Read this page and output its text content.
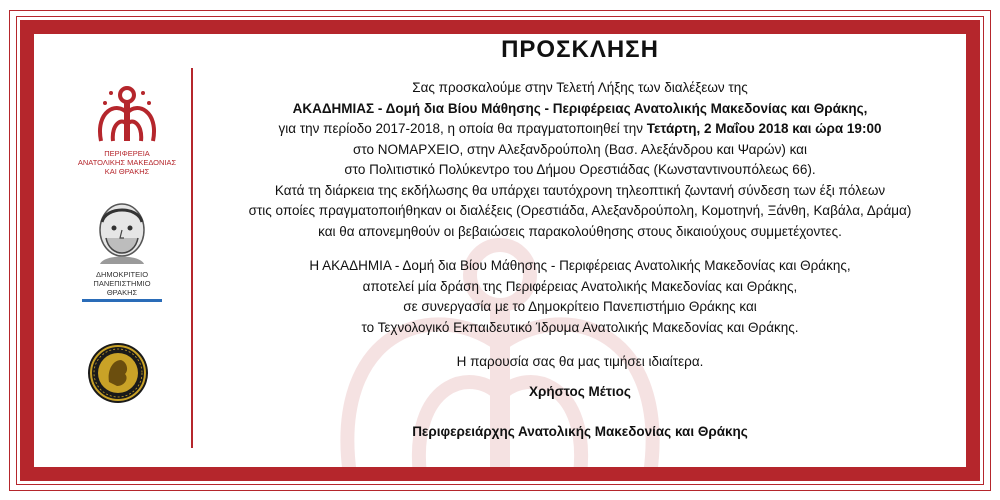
ΠΕΡΙΦΕΡΕΙΑ
ΑΝΑΤΟΛΙΚΗΣ ΜΑΚΕΔΟΝΙΑΣ ΚΑΙ ΘΡΑΚΗΣ
ΔΗΜΟΚΡΙΤΕΙΟ
ΠΑΝΕΠΙΣΤΗΜΙΟ
ΘΡΑΚΗΣ
ΠΡΟΣΚΛΗΣΗ

Σας προσκαλούμε στην Τελετή Λήξης των διαλέξεων της

ΑΚΑΔΗΜΙΑΣ - Δομή δια Βίου Μάθησης - Περιφέρειας Ανατολικής Μακεδονίας και Θράκης,

για την περίοδο 2017-2018, η οποία θα πραγματοποιηθεί την Τετάρτη, 2 Μαΐου 2018 και ώρα 19:00

στο ΝΟΜΑΡΧΕΙΟ, στην Αλεξανδρούπολη (Βασ. Αλεξάνδρου και Ψαρών) και

στο Πολιτιστικό Πολύκεντρο του Δήμου Ορεστιάδας (Κωνσταντινουπόλεως 66).

Κατά τη διάρκεια της εκδήλωσης θα υπάρχει ταυτόχρονη τηλεοπτική ζωντανή σύνδεση των έξι πόλεων

στις οποίες πραγματοποιήθηκαν οι διαλέξεις (Ορεστιάδα, Αλεξανδρούπολη, Κομοτηνή, Ξάνθη, Καβάλα, Δράμα)

και θα απονεμηθούν οι βεβαιώσεις παρακολούθησης στους δικαιούχους συμμετέχοντες.

Η ΑΚΑΔΗΜΙΑ - Δομή δια Βίου Μάθησης - Περιφέρειας Ανατολικής Μακεδονίας και Θράκης,

αποτελεί μία δράση της Περιφέρειας Ανατολικής Μακεδονίας και Θράκης,

σε συνεργασία με το Δημοκρίτειο Πανεπιστήμιο Θράκης και

το Τεχνολογικό Εκπαιδευτικό Ίδρυμα Ανατολικής Μακεδονίας και Θράκης.

Η παρουσία σας θα μας τιμήσει ιδιαίτερα.
Χρήστος Μέτιος
Περιφερειάρχης Ανατολικής Μακεδονίας και Θράκης
